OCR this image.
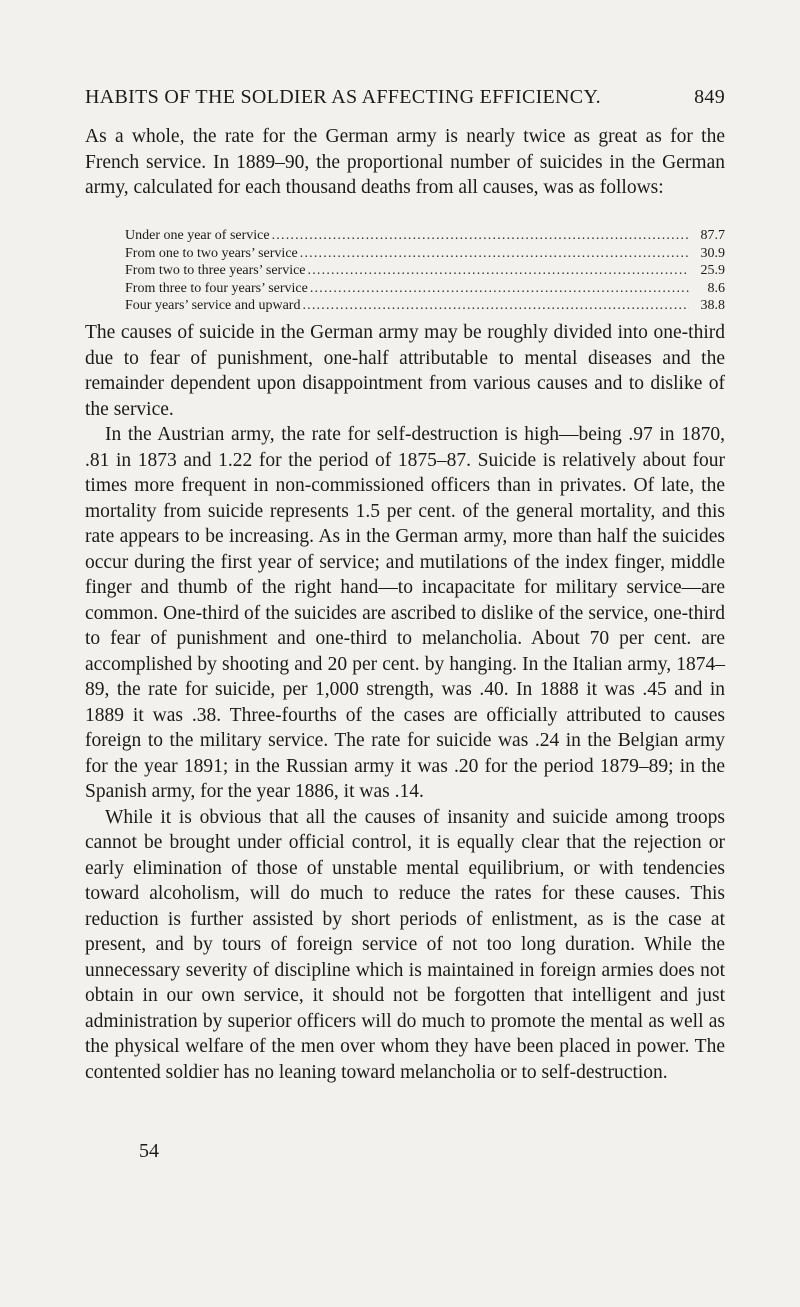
HABITS OF THE SOLDIER AS AFFECTING EFFICIENCY.	849

As a whole, the rate for the German army is nearly twice as great as for the French service. In 1889–90, the proportional number of suicides in the German army, calculated for each thousand deaths from all causes, was as follows:

Under one year of service .....	87.7
From one to two years’ service .....	30.9
From two to three years’ service .....	25.9
From three to four years’ service .....	8.6
Four years’ service and upward .....	38.8

The causes of suicide in the German army may be roughly divided into one-third due to fear of punishment, one-half attributable to mental diseases and the remainder dependent upon disappointment from various causes and to dislike of the service.

In the Austrian army, the rate for self-destruction is high—being .97 in 1870, .81 in 1873 and 1.22 for the period of 1875–87. Suicide is relatively about four times more frequent in non-commissioned officers than in privates. Of late, the mortality from suicide represents 1.5 per cent. of the general mortality, and this rate appears to be increasing. As in the German army, more than half the suicides occur during the first year of service; and mutilations of the index finger, middle finger and thumb of the right hand—to incapacitate for military service—are common. One-third of the suicides are ascribed to dislike of the service, one-third to fear of punishment and one-third to melancholia. About 70 per cent. are accomplished by shooting and 20 per cent. by hanging. In the Italian army, 1874–89, the rate for suicide, per 1,000 strength, was .40. In 1888 it was .45 and in 1889 it was .38. Three-fourths of the cases are officially attributed to causes foreign to the military service. The rate for suicide was .24 in the Belgian army for the year 1891; in the Russian army it was .20 for the period 1879–89; in the Spanish army, for the year 1886, it was .14.

While it is obvious that all the causes of insanity and suicide among troops cannot be brought under official control, it is equally clear that the rejection or early elimination of those of unstable mental equilibrium, or with tendencies toward alcoholism, will do much to reduce the rates for these causes. This reduction is further assisted by short periods of enlistment, as is the case at present, and by tours of foreign service of not too long duration. While the unnecessary severity of discipline which is maintained in foreign armies does not obtain in our own service, it should not be forgotten that intelligent and just administration by superior officers will do much to promote the mental as well as the physical welfare of the men over whom they have been placed in power. The contented soldier has no leaning toward melancholia or to self-destruction.

54
